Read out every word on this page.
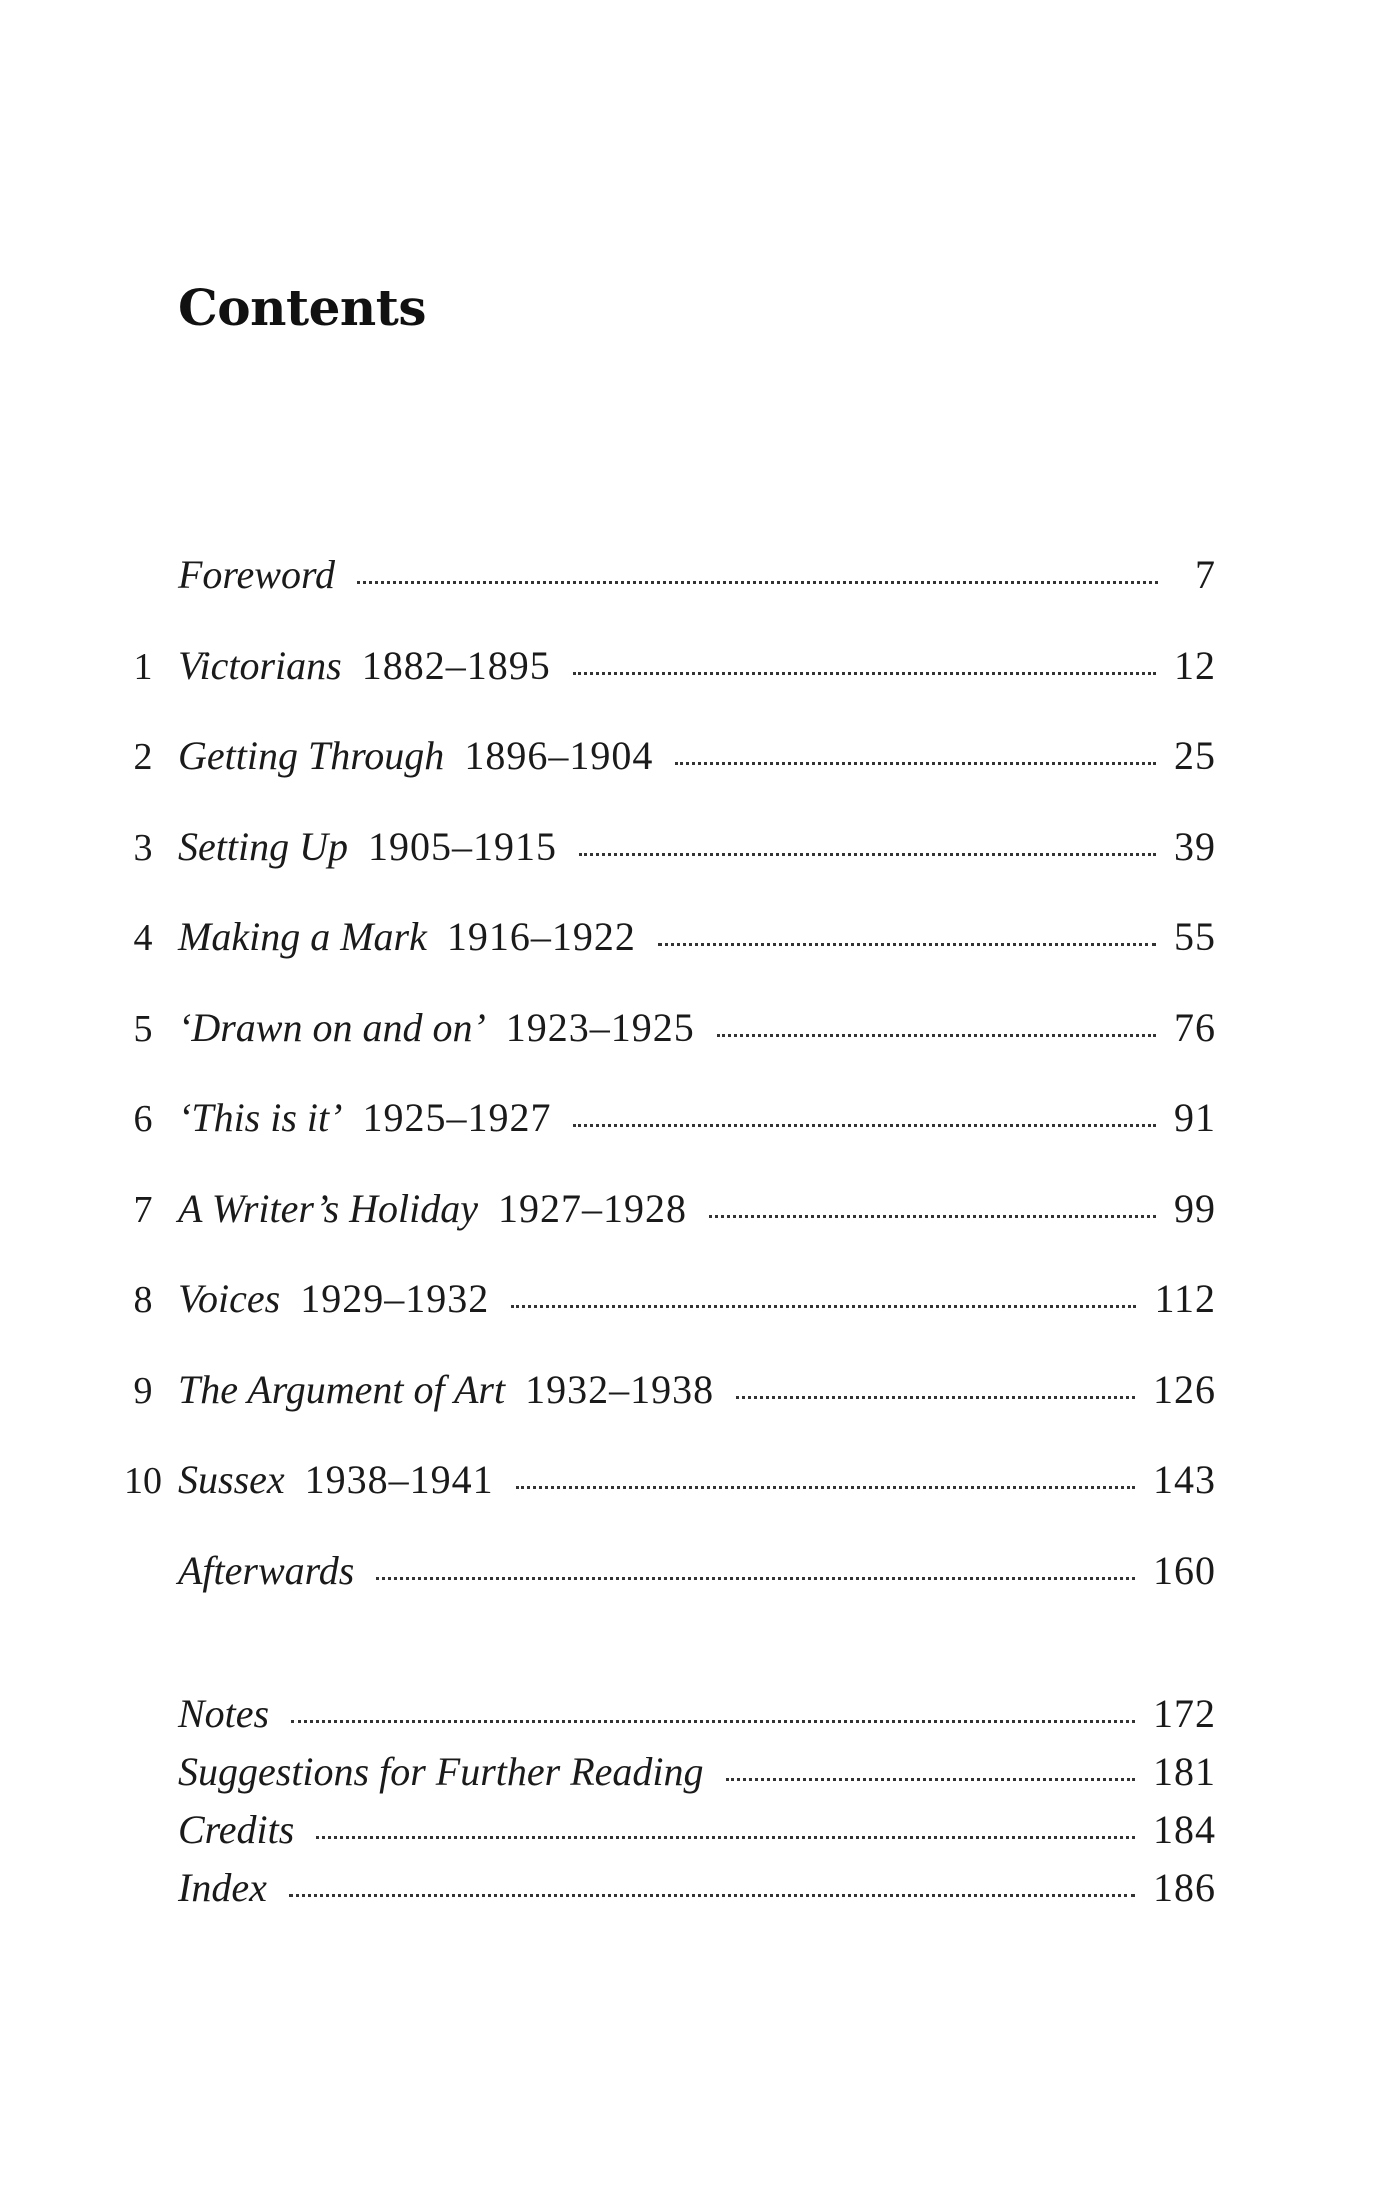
Contents
Foreword	7
1 Victorians 1882–1895	12
2 Getting Through 1896–1904	25
3 Setting Up 1905–1915	39
4 Making a Mark 1916–1922	55
5 ‘Drawn on and on’ 1923–1925	76
6 ‘This is it’ 1925–1927	91
7 A Writer’s Holiday 1927–1928	99
8 Voices 1929–1932	112
9 The Argument of Art 1932–1938	126
10 Sussex 1938–1941	143
Afterwards	160
Notes	172
Suggestions for Further Reading	181
Credits	184
Index	186
